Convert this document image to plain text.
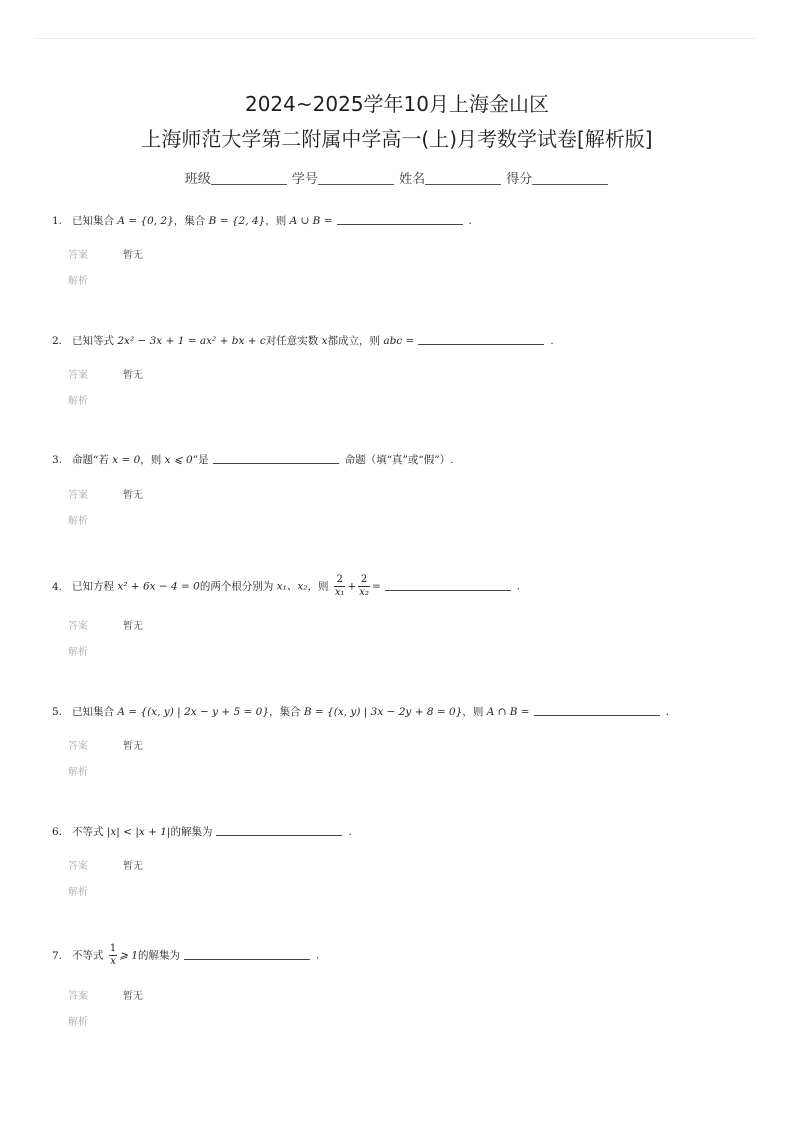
2024~2025学年10月上海金山区
上海师范大学第二附属中学高一(上)月考数学试卷[解析版]
班级	学号	姓名	得分
1. 已知集合 A = {0, 2}，集合 B = {2, 4}，则 A ∪ B =	.
答案	暂无
解析
2. 已知等式 2x² − 3x + 1 = ax² + bx + c对任意实数 x都成立，则 abc =	.
答案	暂无
解析
3. 命题“若 x = 0，则 x ⩽ 0”是	命题（填“真”或“假”）.
答案	暂无
解析
4. 已知方程 x² + 6x − 4 = 0的两个根分别为 x₁、x₂，则 $\frac{2}{\text{x₁}} + \frac{2}{\text{x₂}}$ =	.
答案	暂无
解析
5. 已知集合 A = {(x, y) | 2x − y + 5 = 0}，集合 B = {(x, y) | 3x − 2y + 8 = 0}，则 A ∩ B =	.
答案	暂无
解析
6. 不等式 |x| < |x + 1|的解集为	.
答案	暂无
解析
7. 不等式 $\frac{1}{x}$ ⩾ 1的解集为	.
答案	暂无
解析
